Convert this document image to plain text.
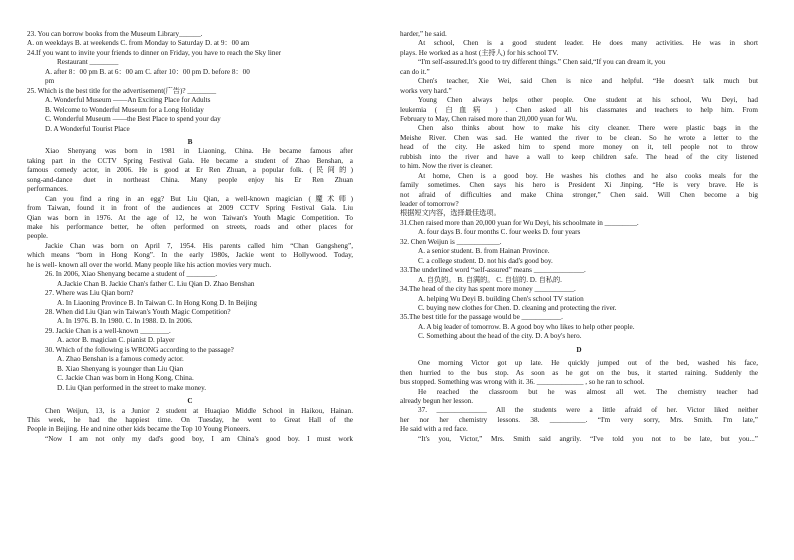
23. You can borrow books from the Museum Library______.
A. on weekdays B. at weekends C. from Monday to Saturday D. at 9：00 am
24.If you want to invite your friends to dinner on Friday, you have to reach the Sky liner
Restaurant ________
A. after 8：00 pm B. at 6：00 am C. after 10：00 pm D. before 8：00
pm
25. Which is the best title for the advertisement(广告)? ________
A. Wonderful Museum ——An Exciting Place for Adults
B. Welcome to Wonderful Museum for a Long Holiday
C. Wonderful Museum ——the Best Place to spend your day
D. A Wonderful Tourist Place
B
Xiao Shenyang was born in 1981 in Liaoning, China. He became famous after
taking part in the CCTV Spring Festival Gala. He became a student of Zhao Benshan, a
famous comedy actor, in 2006. He is good at Er Ren Zhuan, a popular folk. (民间的)
song-and-dance duet in northeast China. Many people enjoy his Er Ren Zhuan
performances.
Can you find a ring in an egg? But Liu Qian, a well-known magician (魔术师)
from Taiwan, found it in front of the audiences at 2009 CCTV Spring Festival Gala. Liu
Qian was born in 1976. At the age of 12, he won Taiwan's Youth Magic Competition. To
make his performance better, he often performed on streets, roads and other places for
people.
Jackie Chan was born on April 7, 1954. His parents called him “Chan Gangsheng”,
which means “born in Hong Kong”. In the early 1980s, Jackie went to Hollywood. Today,
he is well- known all over the world. Many people like his action movies very much.
26. In 2006, Xiao Shenyang became a student of ________.
A.Jackie Chan B. Jackie Chan's father C. Liu Qian D. Zhao Benshan
27. Where was Liu Qian born?
A. In Liaoning Province B. In Taiwan C. In Hong Kong D. In Beijing
28. When did Liu Qian win Taiwan's Youth Magic Competition?
A. In 1976. B. In 1980. C. In 1988. D. In 2006.
29. Jackie Chan is a well-known ________.
A. actor B. magician C. pianist D. player
30. Which of the following is WRONG according to the passage?
A. Zhao Benshan is a famous comedy actor.
B. Xiao Shenyang is younger than Liu Qian
C. Jackie Chan was born in Hong Kong, China.
D. Liu Qian performed in the street to make money.
C
Chen Weijun, 13, is a Junior 2 student at Huaqiao Middle School in Haikou, Hainan.
This week, he had the happiest time. On Tuesday, he went to Great Hall of the
People in Beijing. He and nine other kids became the Top 10 Young Pioneers.
“Now I am not only my dad's good boy, I am China's good boy. I must work
harder,” he said.
At school, Chen is a good student leader. He does many activities. He was in short
plays. He worked as a host (主持人) for his school TV.
“I'm self-assured.It's good to try different things.” Chen said,“If you can dream it, you
can do it.”
Chen's teacher, Xie Wei, said Chen is nice and helpful. “He doesn't talk much but
works very hard.”
Young Chen always helps other people. One student at his school, Wu Deyi, had
leukemia ( 白血病 ) . Chen asked all his classmates and teachers to help him. From
February to May, Chen raised more than 20,000 yuan for Wu.
Chen also thinks about how to make his city cleaner. There were plastic bags in the
Meishe River. Chen was sad. He wanted the river to be clean. So he wrote a letter to the
head of the city. He asked him to spend more money on it, tell people not to throw
rubbish into the river and have a wall to keep children safe. The head of the city listened
to him. Now the river is cleaner.
At home, Chen is a good boy. He washes his clothes and he also cooks meals for the
family sometimes. Chen says his hero is President Xi Jinping. “He is very brave. He is
not afraid of difficulties and make China stronger,” Chen said. Will Chen become a big
leader of tomorrow?
根据短文内容，选择最佳选项。
31.Chen raised more than 20,000 yuan for Wu Deyi, his schoolmate in _________.
A. four days B. four months C. four weeks D. four years
32. Chen Weijun is ____________.
A. a senior student. B. from Hainan Province.
C. a college student. D. not his dad's good boy.
33.The underlined word “self-assured” means ______________.
A. 自负的。 B. 自满的。 C. 自信的. D. 自私的.
34.The head of the city has spent more money ___________.
A. helping Wu Deyi B. building Chen's school TV station
C. buying new clothes for Chen. D. cleaning and protecting the river.
35.The best title for the passage would be ___________.
A. A big leader of tomorrow. B. A good boy who likes to help other people.
C. Something about the head of the city. D. A boy's hero.
D
One morning Victor got up late. He quickly jumped out of the bed, washed his face,
then hurried to the bus stop. As soon as he got on the bus, it started raining. Suddenly the
bus stopped. Something was wrong with it. 36. _____________ , so he ran to school.
He reached the classroom but he was almost all wet. The chemistry teacher had
already begun her lesson.
37. ______________ All the students were a little afraid of her. Victor liked neither
her nor her chemistry lessons. 38. __________. “I'm very sorry, Mrs. Smith. I'm late,”
He said with a red face.
“It's you, Victor,” Mrs. Smith said angrily. “I've told you not to be late, but you...”
